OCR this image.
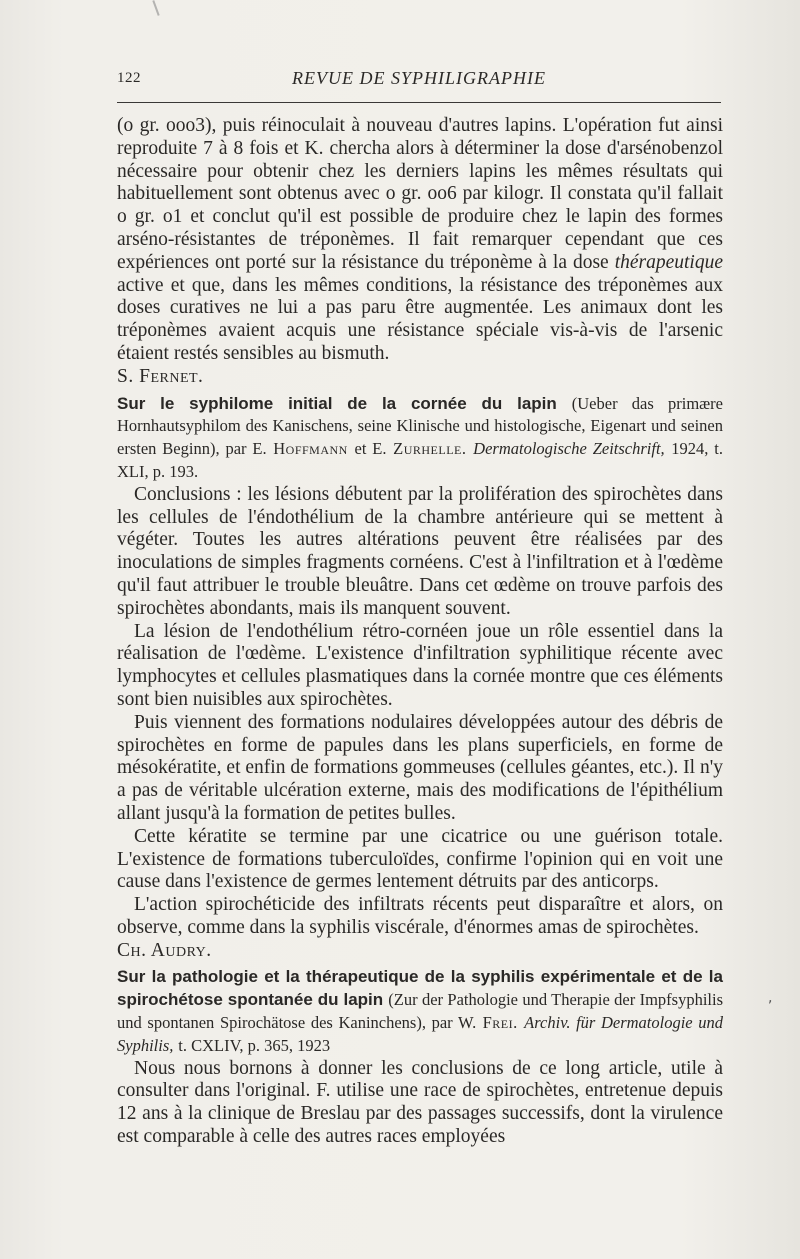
122	REVUE DE SYPHILIGRAPHIE

(o gr. ooo3), puis réinoculait à nouveau d'autres lapins. L'opération fut ainsi reproduite 7 à 8 fois et K. chercha alors à déterminer la dose d'arsénobenzol nécessaire pour obtenir chez les derniers lapins les mêmes résultats qui habituellement sont obtenus avec o gr. oo6 par kilogr. Il constata qu'il fallait o gr. o1 et conclut qu'il est possible de produire chez le lapin des formes arséno-résistantes de tréponèmes. Il fait remarquer cependant que ces expériences ont porté sur la résistance du tréponème à la dose thérapeutique active et que, dans les mêmes conditions, la résistance des tréponèmes aux doses curatives ne lui a pas paru être augmentée. Les animaux dont les tréponèmes avaient acquis une résistance spéciale vis-à-vis de l'arsenic étaient restés sensibles au bismuth.

S. Fernet.

Sur le syphilome initial de la cornée du lapin (Ueber das primære Hornhautsyphilom des Kanischens, seine Klinische und histologische, Eigenart und seinen ersten Beginn), par E. Hoffmann et E. Zurhelle. Dermatologische Zeitschrift, 1924, t. XLI, p. 193.

Conclusions : les lésions débutent par la prolifération des spirochètes dans les cellules de l'éndothélium de la chambre antérieure qui se mettent à végéter. Toutes les autres altérations peuvent être réalisées par des inoculations de simples fragments cornéens. C'est à l'infiltration et à l'œdème qu'il faut attribuer le trouble bleuâtre. Dans cet œdème on trouve parfois des spirochètes abondants, mais ils manquent souvent.

La lésion de l'endothélium rétro-cornéen joue un rôle essentiel dans la réalisation de l'œdème. L'existence d'infiltration syphilitique récente avec lymphocytes et cellules plasmatiques dans la cornée montre que ces éléments sont bien nuisibles aux spirochètes.

Puis viennent des formations nodulaires développées autour des débris de spirochètes en forme de papules dans les plans superficiels, en forme de mésokératite, et enfin de formations gommeuses (cellules géantes, etc.). Il n'y a pas de véritable ulcération externe, mais des modifications de l'épithélium allant jusqu'à la formation de petites bulles.

Cette kératite se termine par une cicatrice ou une guérison totale. L'existence de formations tuberculoïdes, confirme l'opinion qui en voit une cause dans l'existence de germes lentement détruits par des anticorps.

L'action spirochéticide des infiltrats récents peut disparaître et alors, on observe, comme dans la syphilis viscérale, d'énormes amas de spirochètes.

Ch. Audry.

Sur la pathologie et la thérapeutique de la syphilis expérimentale et de la spirochétose spontanée du lapin (Zur der Pathologie und Therapie der Impfsyphilis und spontanen Spirochätose des Kaninchens), par W. Frei. Archiv. für Dermatologie und Syphilis, t. CXLIV, p. 365, 1923

Nous nous bornons à donner les conclusions de ce long article, utile à consulter dans l'original. F. utilise une race de spirochètes, entretenue depuis 12 ans à la clinique de Breslau par des passages successifs, dont la virulence est comparable à celle des autres races employées

,
